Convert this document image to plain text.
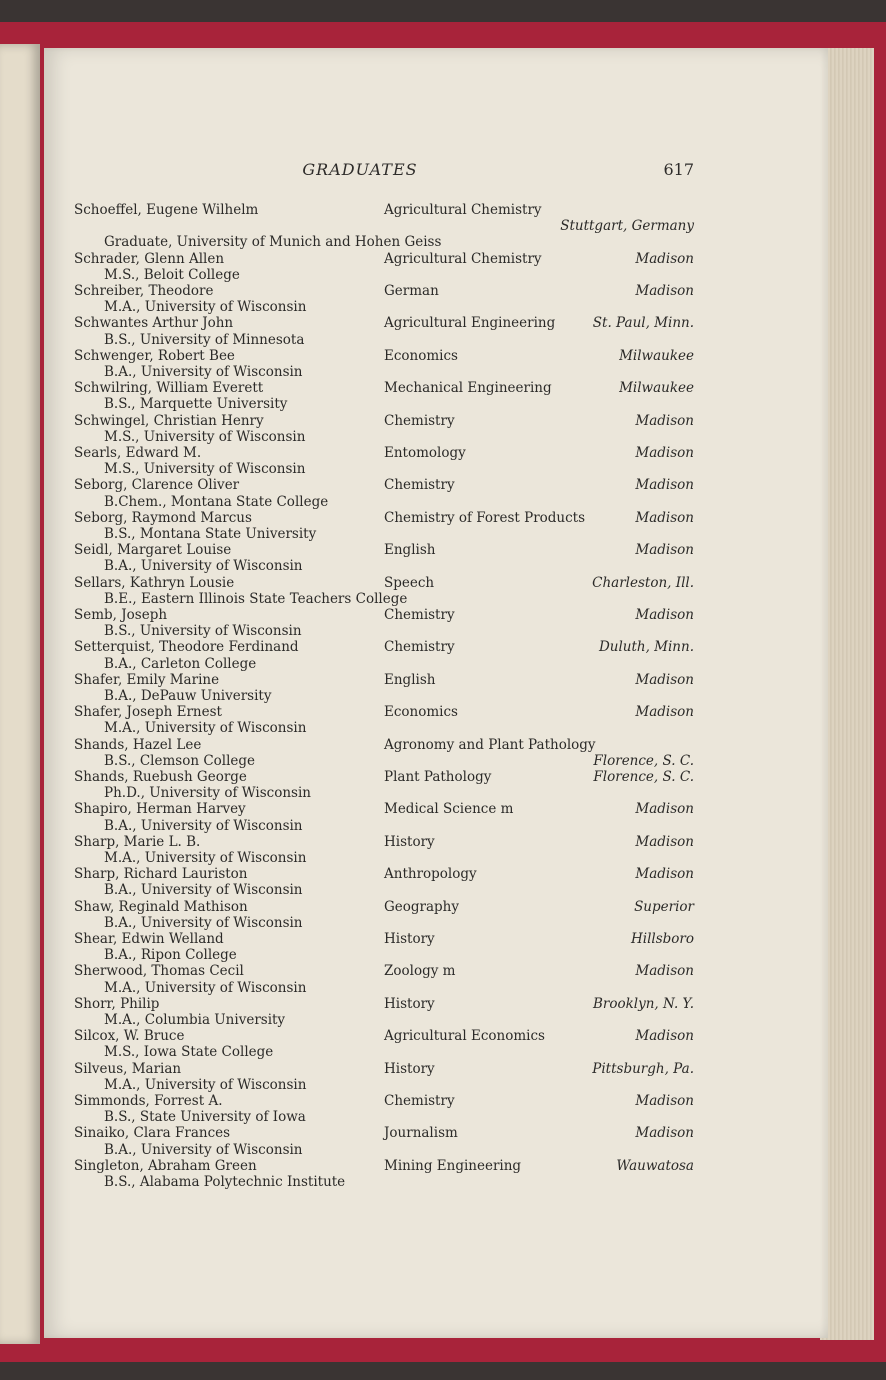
GRADUATES	617
Schoeffel, Eugene Wilhelm	Agricultural Chemistry
Stuttgart, Germany
Graduate, University of Munich and Hohen Geiss
Schrader, Glenn Allen	Agricultural Chemistry	Madison
M.S., Beloit College
Schreiber, Theodore	German	Madison
M.A., University of Wisconsin
Schwantes Arthur John	Agricultural Engineering	St. Paul, Minn.
B.S., University of Minnesota
Schwenger, Robert Bee	Economics	Milwaukee
B.A., University of Wisconsin
Schwilring, William Everett	Mechanical Engineering	Milwaukee
B.S., Marquette University
Schwingel, Christian Henry	Chemistry	Madison
M.S., University of Wisconsin
Searls, Edward M.	Entomology	Madison
M.S., University of Wisconsin
Seborg, Clarence Oliver	Chemistry	Madison
B.Chem., Montana State College
Seborg, Raymond Marcus	Chemistry of Forest Products	Madison
B.S., Montana State University
Seidl, Margaret Louise	English	Madison
B.A., University of Wisconsin
Sellars, Kathryn Lousie	Speech	Charleston, Ill.
B.E., Eastern Illinois State Teachers College
Semb, Joseph	Chemistry	Madison
B.S., University of Wisconsin
Setterquist, Theodore Ferdinand	Chemistry	Duluth, Minn.
B.A., Carleton College
Shafer, Emily Marine	English	Madison
B.A., DePauw University
Shafer, Joseph Ernest	Economics	Madison
M.A., University of Wisconsin
Shands, Hazel Lee	Agronomy and Plant Pathology
Florence, S. C.
B.S., Clemson College
Shands, Ruebush George	Plant Pathology	Florence, S. C.
Ph.D., University of Wisconsin
Shapiro, Herman Harvey	Medical Science m	Madison
B.A., University of Wisconsin
Sharp, Marie L. B.	History	Madison
M.A., University of Wisconsin
Sharp, Richard Lauriston	Anthropology	Madison
B.A., University of Wisconsin
Shaw, Reginald Mathison	Geography	Superior
B.A., University of Wisconsin
Shear, Edwin Welland	History	Hillsboro
B.A., Ripon College
Sherwood, Thomas Cecil	Zoology m	Madison
M.A., University of Wisconsin
Shorr, Philip	History	Brooklyn, N. Y.
M.A., Columbia University
Silcox, W. Bruce	Agricultural Economics	Madison
M.S., Iowa State College
Silveus, Marian	History	Pittsburgh, Pa.
M.A., University of Wisconsin
Simmonds, Forrest A.	Chemistry	Madison
B.S., State University of Iowa
Sinaiko, Clara Frances	Journalism	Madison
B.A., University of Wisconsin
Singleton, Abraham Green	Mining Engineering	Wauwatosa
B.S., Alabama Polytechnic Institute
